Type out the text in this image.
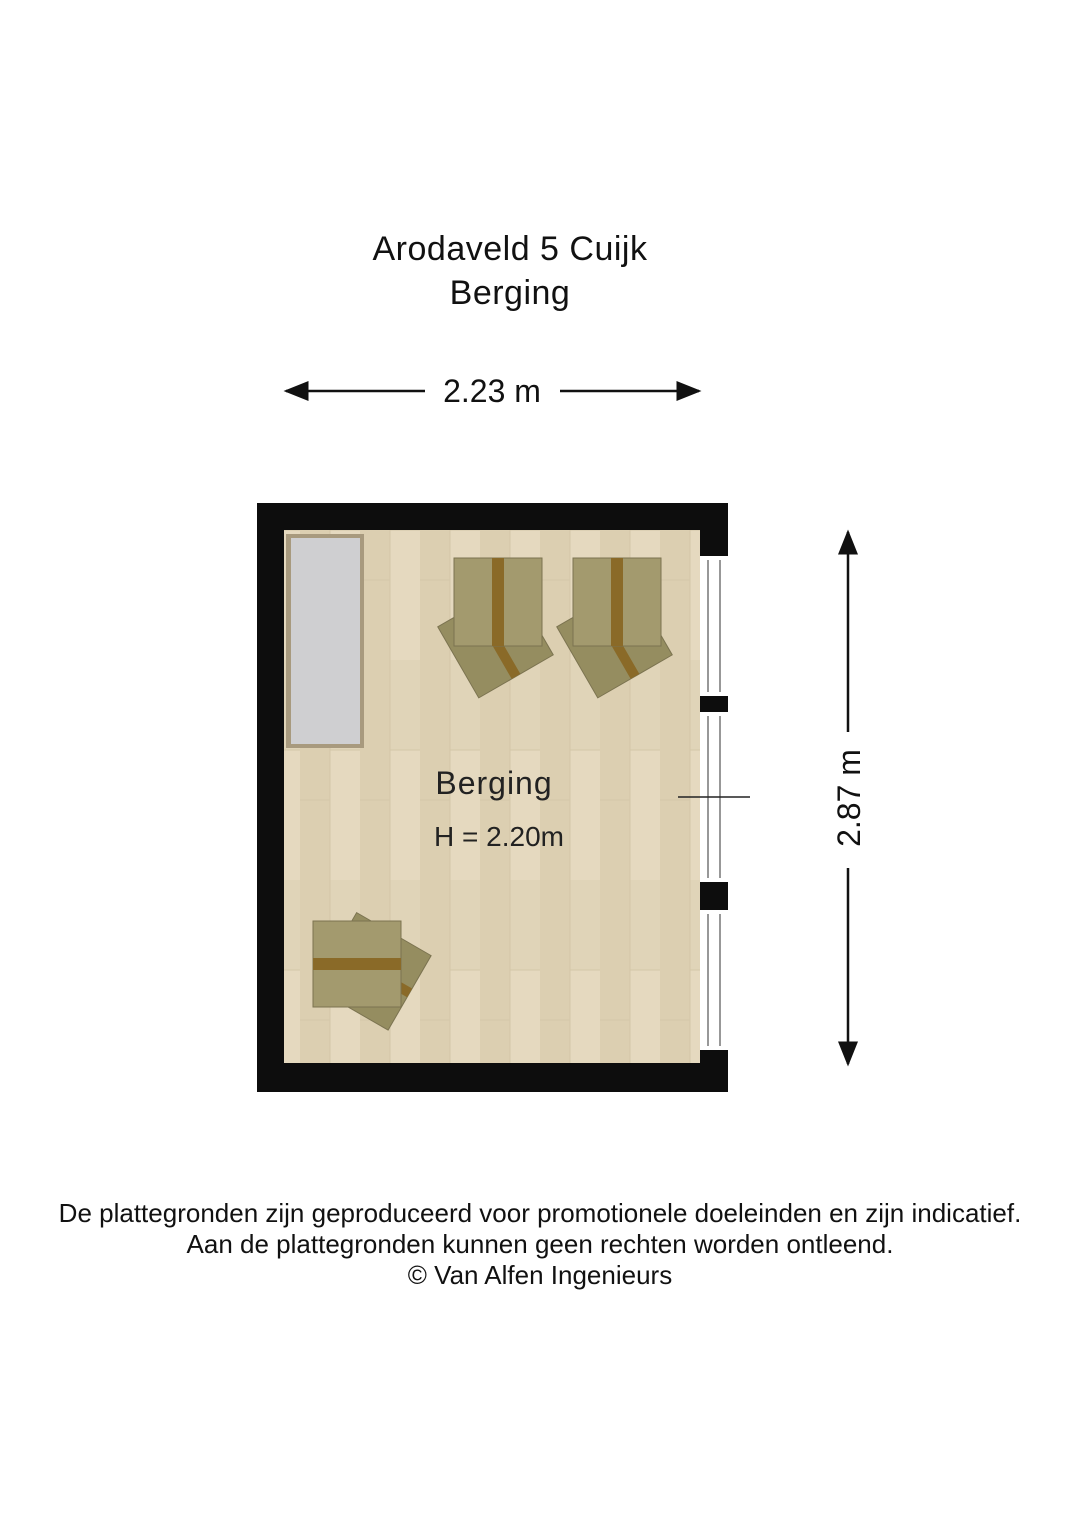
Arodaveld 5 Cuijk
Berging
2.23 m
2.87 m
Berging
H = 2.20m
De plattegronden zijn geproduceerd voor promotionele doeleinden en zijn indicatief.
Aan de plattegronden kunnen geen rechten worden ontleend.
© Van Alfen Ingenieurs
